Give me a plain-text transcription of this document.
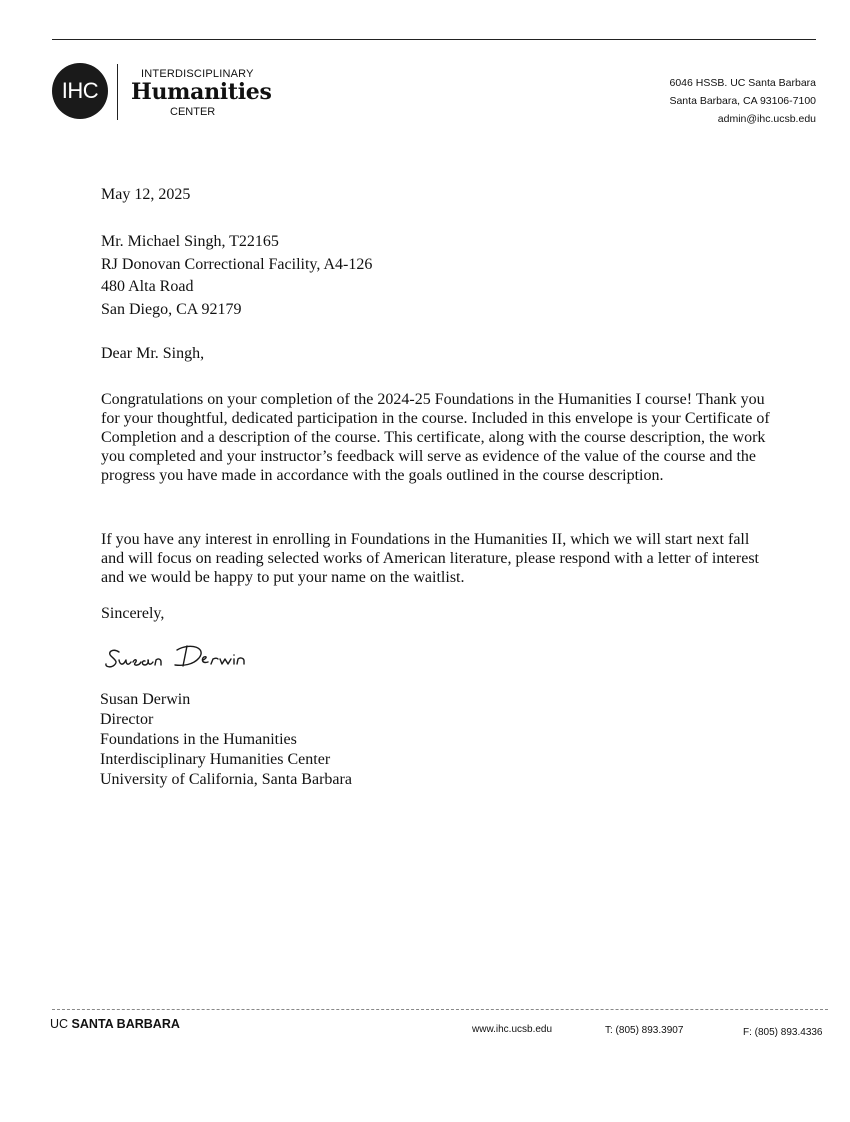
IHC
INTERDISCIPLINARY
Humanities
CENTER
6046 HSSB. UC Santa Barbara
Santa Barbara, CA 93106-7100
admin@ihc.ucsb.edu
May 12, 2025
Mr. Michael Singh, T22165
RJ Donovan Correctional Facility, A4-126
480 Alta Road
San Diego, CA 92179
Dear Mr. Singh,
Congratulations on your completion of the 2024-25 Foundations in the Humanities I course! Thank you for your thoughtful, dedicated participation in the course. Included in this envelope is your Certificate of Completion and a description of the course. This certificate, along with the course description, the work you completed and your instructor’s feedback will serve as evidence of the value of the course and the progress you have made in accordance with the goals outlined in the course description.
If you have any interest in enrolling in Foundations in the Humanities II, which we will start next fall and will focus on reading selected works of American literature, please respond with a letter of interest and we would be happy to put your name on the waitlist.
Sincerely,
Susan Derwin
Director
Foundations in the Humanities
Interdisciplinary Humanities Center
University of California, Santa Barbara
UC SANTA BARBARA	www.ihc.ucsb.edu	T: (805) 893.3907	F: (805) 893.4336
